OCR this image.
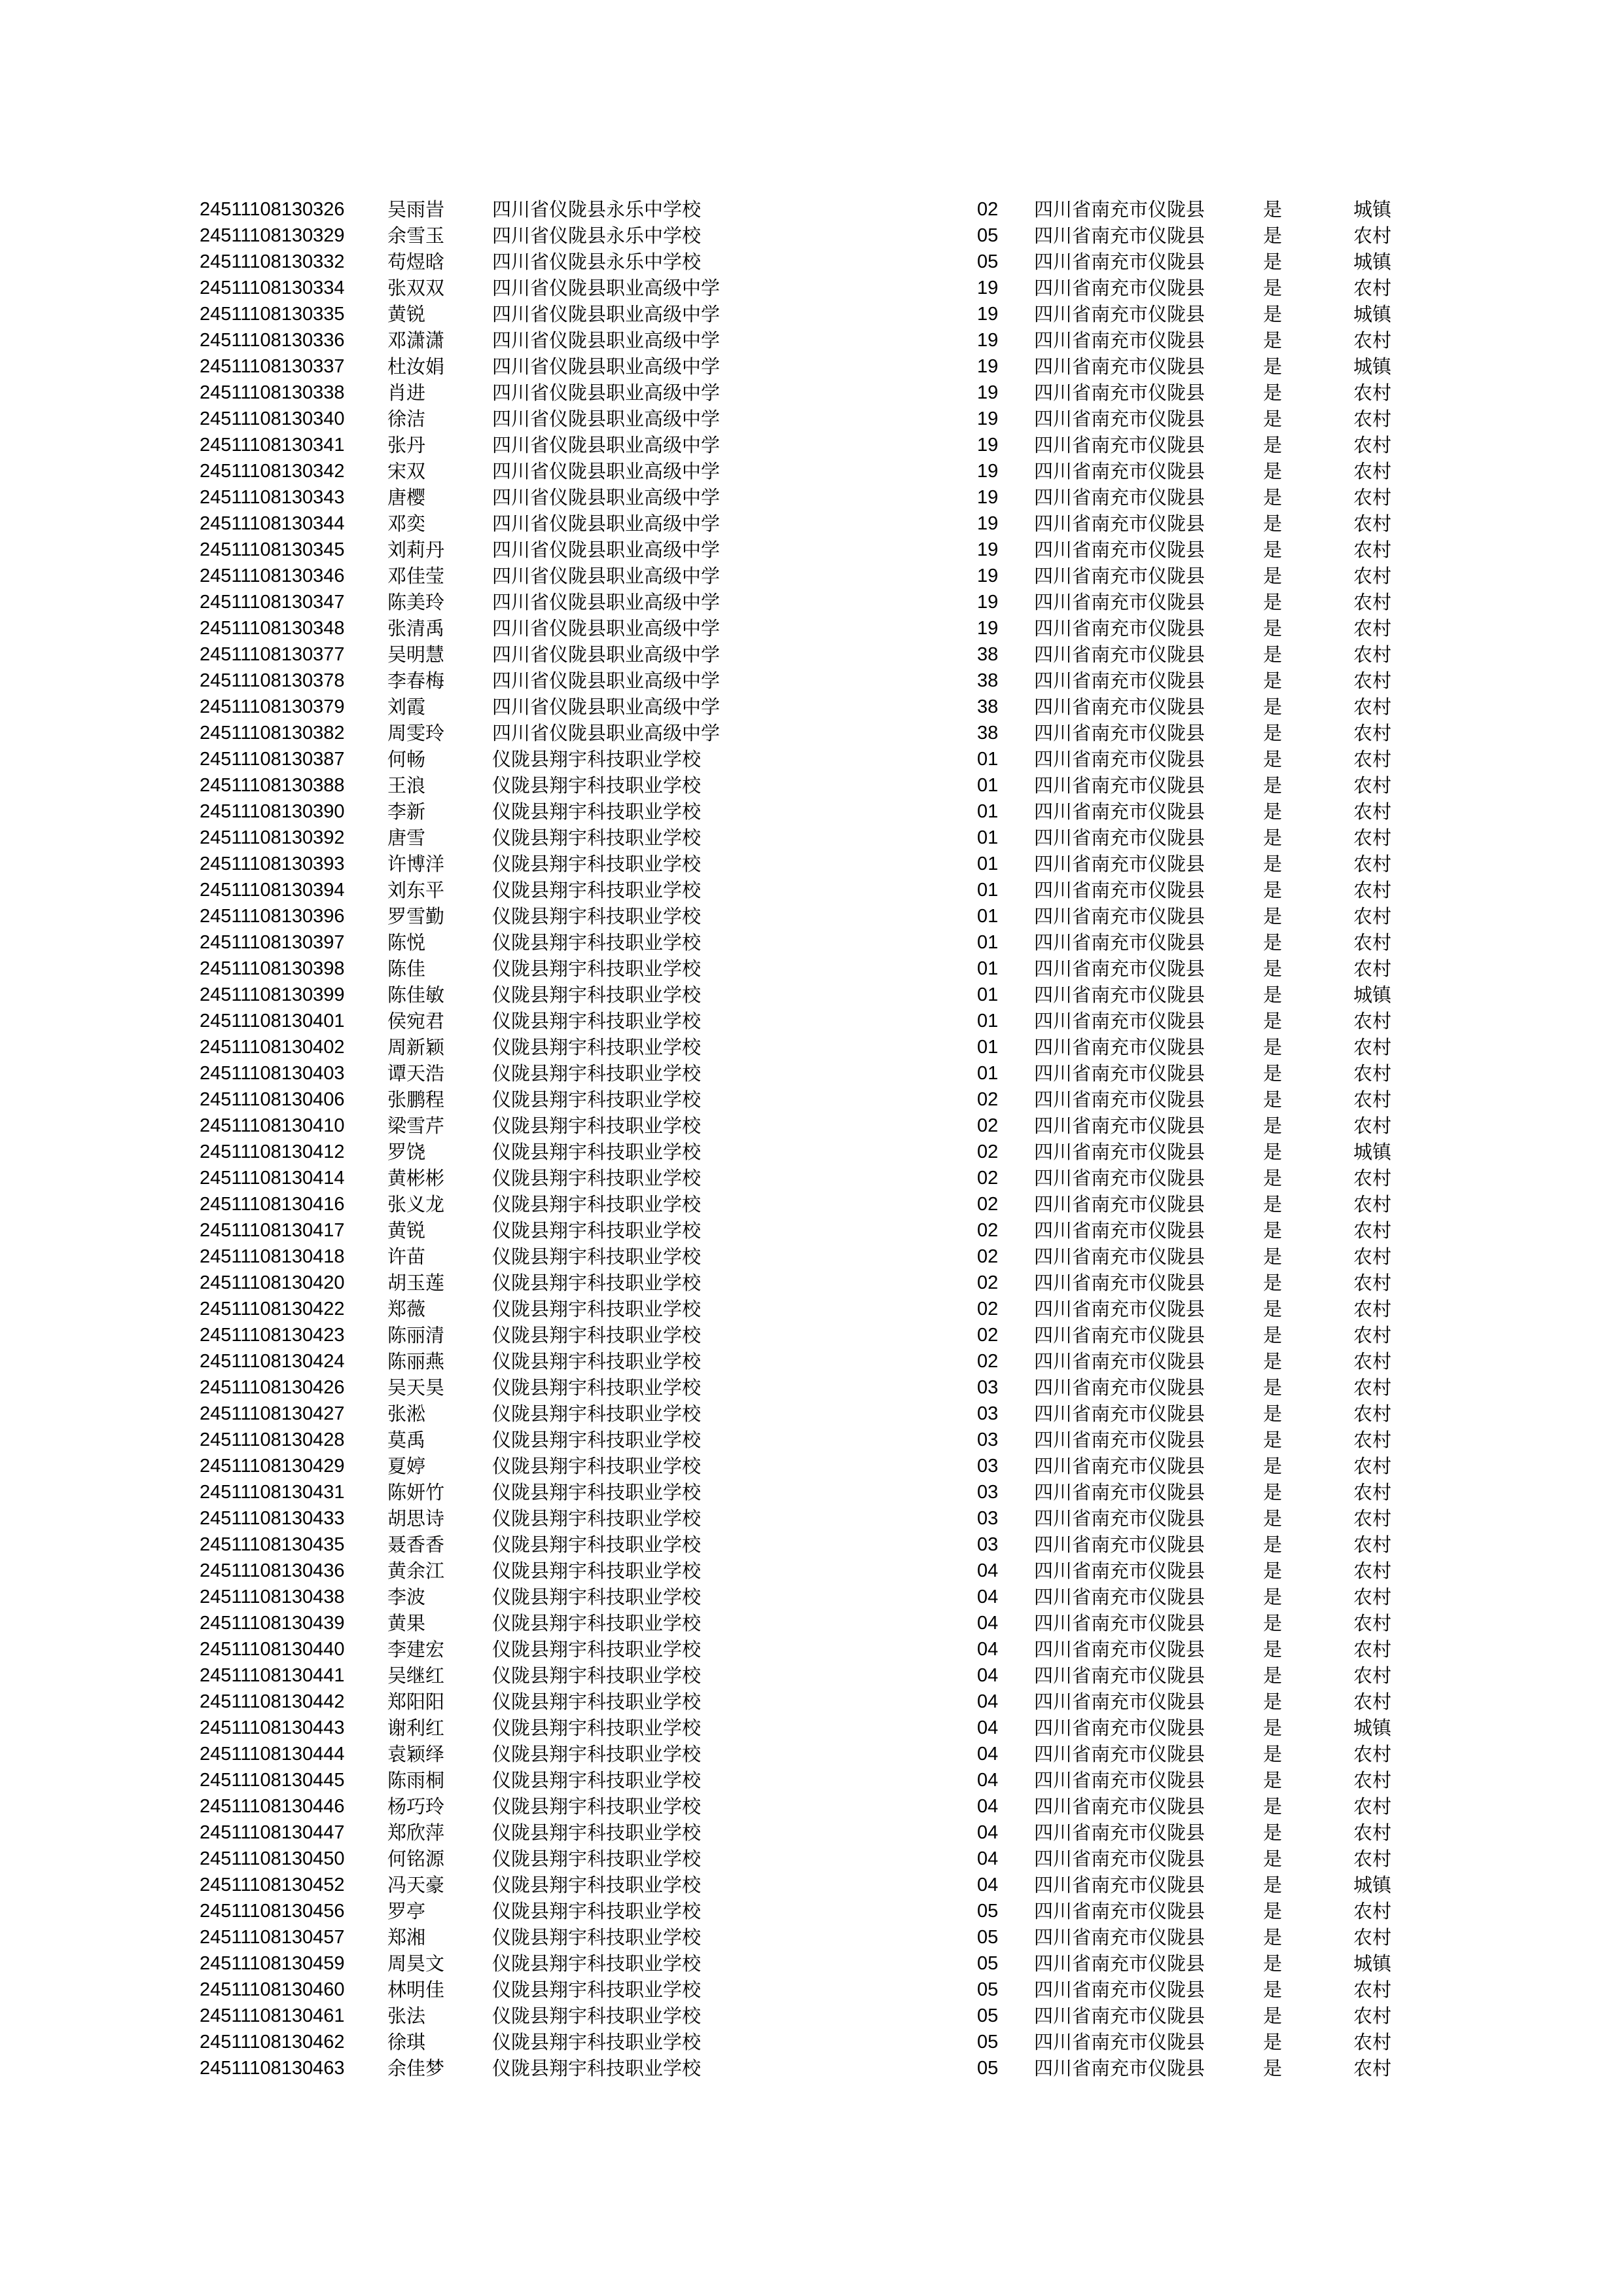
24511108130326 吴雨旹	四川省仪陇县永乐中学校	02 四川省南充市仪陇县	是	城镇
24511108130329 余雪玉	四川省仪陇县永乐中学校	05 四川省南充市仪陇县	是	农村
24511108130332 苟煜晗	四川省仪陇县永乐中学校	05 四川省南充市仪陇县	是	城镇
24511108130334 张双双	四川省仪陇县职业高级中学	19 四川省南充市仪陇县	是	农村
24511108130335 黄锐	四川省仪陇县职业高级中学	19 四川省南充市仪陇县	是	城镇
24511108130336 邓潇潇	四川省仪陇县职业高级中学	19 四川省南充市仪陇县	是	农村
24511108130337 杜汝娟	四川省仪陇县职业高级中学	19 四川省南充市仪陇县	是	城镇
24511108130338 肖进	四川省仪陇县职业高级中学	19 四川省南充市仪陇县	是	农村
24511108130340 徐洁	四川省仪陇县职业高级中学	19 四川省南充市仪陇县	是	农村
24511108130341 张丹	四川省仪陇县职业高级中学	19 四川省南充市仪陇县	是	农村
24511108130342 宋双	四川省仪陇县职业高级中学	19 四川省南充市仪陇县	是	农村
24511108130343 唐樱	四川省仪陇县职业高级中学	19 四川省南充市仪陇县	是	农村
24511108130344 邓奕	四川省仪陇县职业高级中学	19 四川省南充市仪陇县	是	农村
24511108130345 刘莉丹	四川省仪陇县职业高级中学	19 四川省南充市仪陇县	是	农村
24511108130346 邓佳莹	四川省仪陇县职业高级中学	19 四川省南充市仪陇县	是	农村
24511108130347 陈美玲	四川省仪陇县职业高级中学	19 四川省南充市仪陇县	是	农村
24511108130348 张清禹	四川省仪陇县职业高级中学	19 四川省南充市仪陇县	是	农村
24511108130377 吴明慧	四川省仪陇县职业高级中学	38 四川省南充市仪陇县	是	农村
24511108130378 李春梅	四川省仪陇县职业高级中学	38 四川省南充市仪陇县	是	农村
24511108130379 刘霞	四川省仪陇县职业高级中学	38 四川省南充市仪陇县	是	农村
24511108130382 周雯玲	四川省仪陇县职业高级中学	38 四川省南充市仪陇县	是	农村
24511108130387 何畅	仪陇县翔宇科技职业学校	01 四川省南充市仪陇县	是	农村
24511108130388 王浪	仪陇县翔宇科技职业学校	01 四川省南充市仪陇县	是	农村
24511108130390 李新	仪陇县翔宇科技职业学校	01 四川省南充市仪陇县	是	农村
24511108130392 唐雪	仪陇县翔宇科技职业学校	01 四川省南充市仪陇县	是	农村
24511108130393 许博洋	仪陇县翔宇科技职业学校	01 四川省南充市仪陇县	是	农村
24511108130394 刘东平	仪陇县翔宇科技职业学校	01 四川省南充市仪陇县	是	农村
24511108130396 罗雪勤	仪陇县翔宇科技职业学校	01 四川省南充市仪陇县	是	农村
24511108130397 陈悦	仪陇县翔宇科技职业学校	01 四川省南充市仪陇县	是	农村
24511108130398 陈佳	仪陇县翔宇科技职业学校	01 四川省南充市仪陇县	是	农村
24511108130399 陈佳敏	仪陇县翔宇科技职业学校	01 四川省南充市仪陇县	是	城镇
24511108130401 侯宛君	仪陇县翔宇科技职业学校	01 四川省南充市仪陇县	是	农村
24511108130402 周新颖	仪陇县翔宇科技职业学校	01 四川省南充市仪陇县	是	农村
24511108130403 谭天浩	仪陇县翔宇科技职业学校	01 四川省南充市仪陇县	是	农村
24511108130406 张鹏程	仪陇县翔宇科技职业学校	02 四川省南充市仪陇县	是	农村
24511108130410 梁雪芹	仪陇县翔宇科技职业学校	02 四川省南充市仪陇县	是	农村
24511108130412 罗饶	仪陇县翔宇科技职业学校	02 四川省南充市仪陇县	是	城镇
24511108130414 黄彬彬	仪陇县翔宇科技职业学校	02 四川省南充市仪陇县	是	农村
24511108130416 张义龙	仪陇县翔宇科技职业学校	02 四川省南充市仪陇县	是	农村
24511108130417 黄锐	仪陇县翔宇科技职业学校	02 四川省南充市仪陇县	是	农村
24511108130418 许苗	仪陇县翔宇科技职业学校	02 四川省南充市仪陇县	是	农村
24511108130420 胡玉莲	仪陇县翔宇科技职业学校	02 四川省南充市仪陇县	是	农村
24511108130422 郑薇	仪陇县翔宇科技职业学校	02 四川省南充市仪陇县	是	农村
24511108130423 陈丽清	仪陇县翔宇科技职业学校	02 四川省南充市仪陇县	是	农村
24511108130424 陈丽燕	仪陇县翔宇科技职业学校	02 四川省南充市仪陇县	是	农村
24511108130426 吴天昊	仪陇县翔宇科技职业学校	03 四川省南充市仪陇县	是	农村
24511108130427 张淞	仪陇县翔宇科技职业学校	03 四川省南充市仪陇县	是	农村
24511108130428 莫禹	仪陇县翔宇科技职业学校	03 四川省南充市仪陇县	是	农村
24511108130429 夏婷	仪陇县翔宇科技职业学校	03 四川省南充市仪陇县	是	农村
24511108130431 陈妍竹	仪陇县翔宇科技职业学校	03 四川省南充市仪陇县	是	农村
24511108130433 胡思诗	仪陇县翔宇科技职业学校	03 四川省南充市仪陇县	是	农村
24511108130435 聂香香	仪陇县翔宇科技职业学校	03 四川省南充市仪陇县	是	农村
24511108130436 黄余江	仪陇县翔宇科技职业学校	04 四川省南充市仪陇县	是	农村
24511108130438 李波	仪陇县翔宇科技职业学校	04 四川省南充市仪陇县	是	农村
24511108130439 黄果	仪陇县翔宇科技职业学校	04 四川省南充市仪陇县	是	农村
24511108130440 李建宏	仪陇县翔宇科技职业学校	04 四川省南充市仪陇县	是	农村
24511108130441 吴继红	仪陇县翔宇科技职业学校	04 四川省南充市仪陇县	是	农村
24511108130442 郑阳阳	仪陇县翔宇科技职业学校	04 四川省南充市仪陇县	是	农村
24511108130443 谢利红	仪陇县翔宇科技职业学校	04 四川省南充市仪陇县	是	城镇
24511108130444 袁颖绎	仪陇县翔宇科技职业学校	04 四川省南充市仪陇县	是	农村
24511108130445 陈雨桐	仪陇县翔宇科技职业学校	04 四川省南充市仪陇县	是	农村
24511108130446 杨巧玲	仪陇县翔宇科技职业学校	04 四川省南充市仪陇县	是	农村
24511108130447 郑欣萍	仪陇县翔宇科技职业学校	04 四川省南充市仪陇县	是	农村
24511108130450 何铭源	仪陇县翔宇科技职业学校	04 四川省南充市仪陇县	是	农村
24511108130452 冯天豪	仪陇县翔宇科技职业学校	04 四川省南充市仪陇县	是	城镇
24511108130456 罗亭	仪陇县翔宇科技职业学校	05 四川省南充市仪陇县	是	农村
24511108130457 郑湘	仪陇县翔宇科技职业学校	05 四川省南充市仪陇县	是	农村
24511108130459 周昊文	仪陇县翔宇科技职业学校	05 四川省南充市仪陇县	是	城镇
24511108130460 林明佳	仪陇县翔宇科技职业学校	05 四川省南充市仪陇县	是	农村
24511108130461 张法	仪陇县翔宇科技职业学校	05 四川省南充市仪陇县	是	农村
24511108130462 徐琪	仪陇县翔宇科技职业学校	05 四川省南充市仪陇县	是	农村
24511108130463 余佳梦	仪陇县翔宇科技职业学校	05 四川省南充市仪陇县	是	农村
